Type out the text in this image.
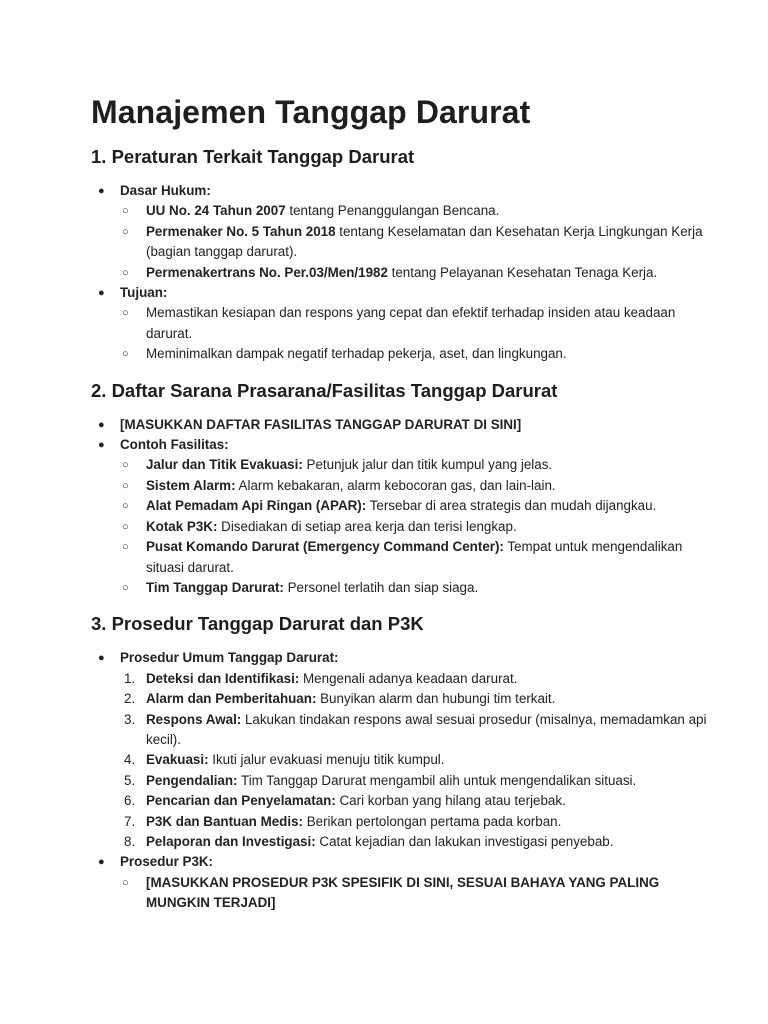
Manajemen Tanggap Darurat
1. Peraturan Terkait Tanggap Darurat
● Dasar Hukum:
○ UU No. 24 Tahun 2007 tentang Penanggulangan Bencana.
○ Permenaker No. 5 Tahun 2018 tentang Keselamatan dan Kesehatan Kerja Lingkungan Kerja (bagian tanggap darurat).
○ Permenakertrans No. Per.03/Men/1982 tentang Pelayanan Kesehatan Tenaga Kerja.
● Tujuan:
○ Memastikan kesiapan dan respons yang cepat dan efektif terhadap insiden atau keadaan darurat.
○ Meminimalkan dampak negatif terhadap pekerja, aset, dan lingkungan.
2. Daftar Sarana Prasarana/Fasilitas Tanggap Darurat
● [MASUKKAN DAFTAR FASILITAS TANGGAP DARURAT DI SINI]
● Contoh Fasilitas:
○ Jalur dan Titik Evakuasi: Petunjuk jalur dan titik kumpul yang jelas.
○ Sistem Alarm: Alarm kebakaran, alarm kebocoran gas, dan lain-lain.
○ Alat Pemadam Api Ringan (APAR): Tersebar di area strategis dan mudah dijangkau.
○ Kotak P3K: Disediakan di setiap area kerja dan terisi lengkap.
○ Pusat Komando Darurat (Emergency Command Center): Tempat untuk mengendalikan situasi darurat.
○ Tim Tanggap Darurat: Personel terlatih dan siap siaga.
3. Prosedur Tanggap Darurat dan P3K
● Prosedur Umum Tanggap Darurat:
1. Deteksi dan Identifikasi: Mengenali adanya keadaan darurat.
2. Alarm dan Pemberitahuan: Bunyikan alarm dan hubungi tim terkait.
3. Respons Awal: Lakukan tindakan respons awal sesuai prosedur (misalnya, memadamkan api kecil).
4. Evakuasi: Ikuti jalur evakuasi menuju titik kumpul.
5. Pengendalian: Tim Tanggap Darurat mengambil alih untuk mengendalikan situasi.
6. Pencarian dan Penyelamatan: Cari korban yang hilang atau terjebak.
7. P3K dan Bantuan Medis: Berikan pertolongan pertama pada korban.
8. Pelaporan dan Investigasi: Catat kejadian dan lakukan investigasi penyebab.
● Prosedur P3K:
○ [MASUKKAN PROSEDUR P3K SPESIFIK DI SINI, SESUAI BAHAYA YANG PALING MUNGKIN TERJADI]
